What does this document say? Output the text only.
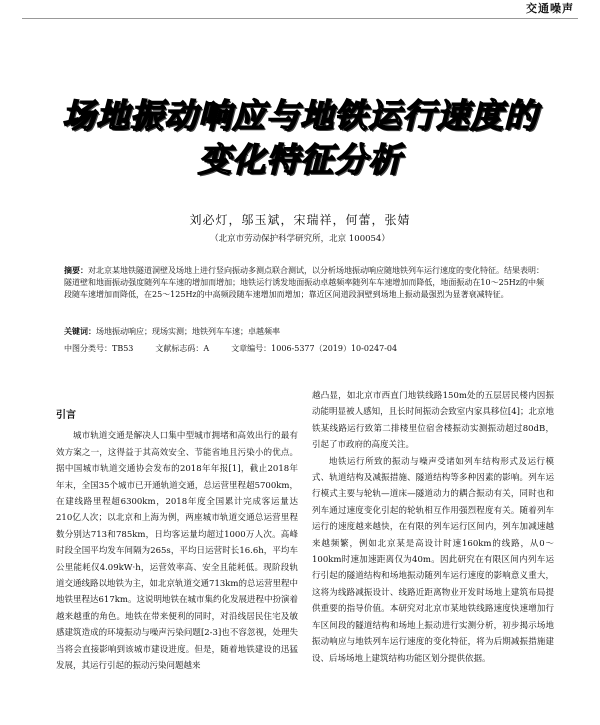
交通噪声
场地振动响应与地铁运行速度的
变化特征分析
刘必灯，邬玉斌，宋瑞祥，何蕾，张婧
（北京市劳动保护科学研究所，北京 100054）
摘要：对北京某地铁隧道洞壁及场地上进行竖向振动多测点联合测试，以分析场地振动响应随地铁列车运行速度的变化特征。结果表明：隧道壁和地面振动强度随列车车速的增加而增加；地铁运行诱发地面振动卓越频率随列车车速增加而降低，地面振动在10～25Hz的中频段随车速增加而降低，在25～125Hz的中高频段随车速增加而增加；靠近区间道段洞壁到场地上振动最强烈为显著衰减特征。
关键词：场地振动响应；现场实测；地铁列车车速；卓越频率
中图分类号：TB53	文献标志码：A	文章编号：1006-5377（2019）10-0247-04
引言

城市轨道交通是解决人口集中型城市拥堵和高效出行的最有效方案之一，这得益于其高效安全、节能省地且污染小的优点。据中国城市轨道交通协会发布的2018年年报[1]，截止2018年年末，全国35个城市已开通轨道交通，总运营里程超5700km，在建线路里程超6300km，2018年度全国累计完成客运量达210亿人次；以北京和上海为例，两座城市轨道交通总运营里程数分别达713和785km，日均客运量均超过1000万人次。高峰时段全国平均发车间隔为265s，平均日运营时长16.6h，平均车公里能耗仅4.09kW·h，运营效率高、安全且能耗低。现阶段轨道交通线路以地铁为主，如北京轨道交通713km的总运营里程中地铁里程达617km。这说明地铁在城市集约化发展进程中扮演着越来越重的角色。地铁在带来便利的同时，对沿线居民住宅及敏感建筑造成的环境振动与噪声污染问题[2-3]也不容忽视，处理失当将会直接影响到该城市建设进度。但是，随着地铁建设的迅猛发展，其运行引起的振动污染问题越来

越凸显，如北京市西直门地铁线路150m处的五层居民楼内因振动能明显被人感知，且长时间振动会致室内家具移位[4]；北京地铁某线路运行致第二排楼里位宿舍楼振动实测振动超过80dB，引起了市政府的高度关注。

地铁运行所致的振动与噪声受诸如列车结构形式及运行模式、轨道结构及减振措施、隧道结构等多种因素的影响。列车运行模式主要与轮轨—道床—隧道动力的耦合振动有关，同时也和列车通过速度变化引起的轮轨相互作用强烈程度有关。随着列车运行的速度越来越快，在有限的列车运行区间内，列车加减速越来越频繁，例如北京某是高设计时速160km的线路，从0～100km时速加速距离仅为40m。因此研究在有限区间内列车运行引起的隧道结构和场地振动随列车运行速度的影响意义重大，这将为线路减振设计、线路近距离物业开发时场地上建筑布局提供重要的指导价值。本研究对北京市某地铁线路速度快速增加行车区间段的隧道结构和场地上振动进行实测分析，初步揭示场地振动响应与地铁列车运行速度的变化特征，将为后期减振措施建设、后场场地上建筑结构功能区划分提供依据。
